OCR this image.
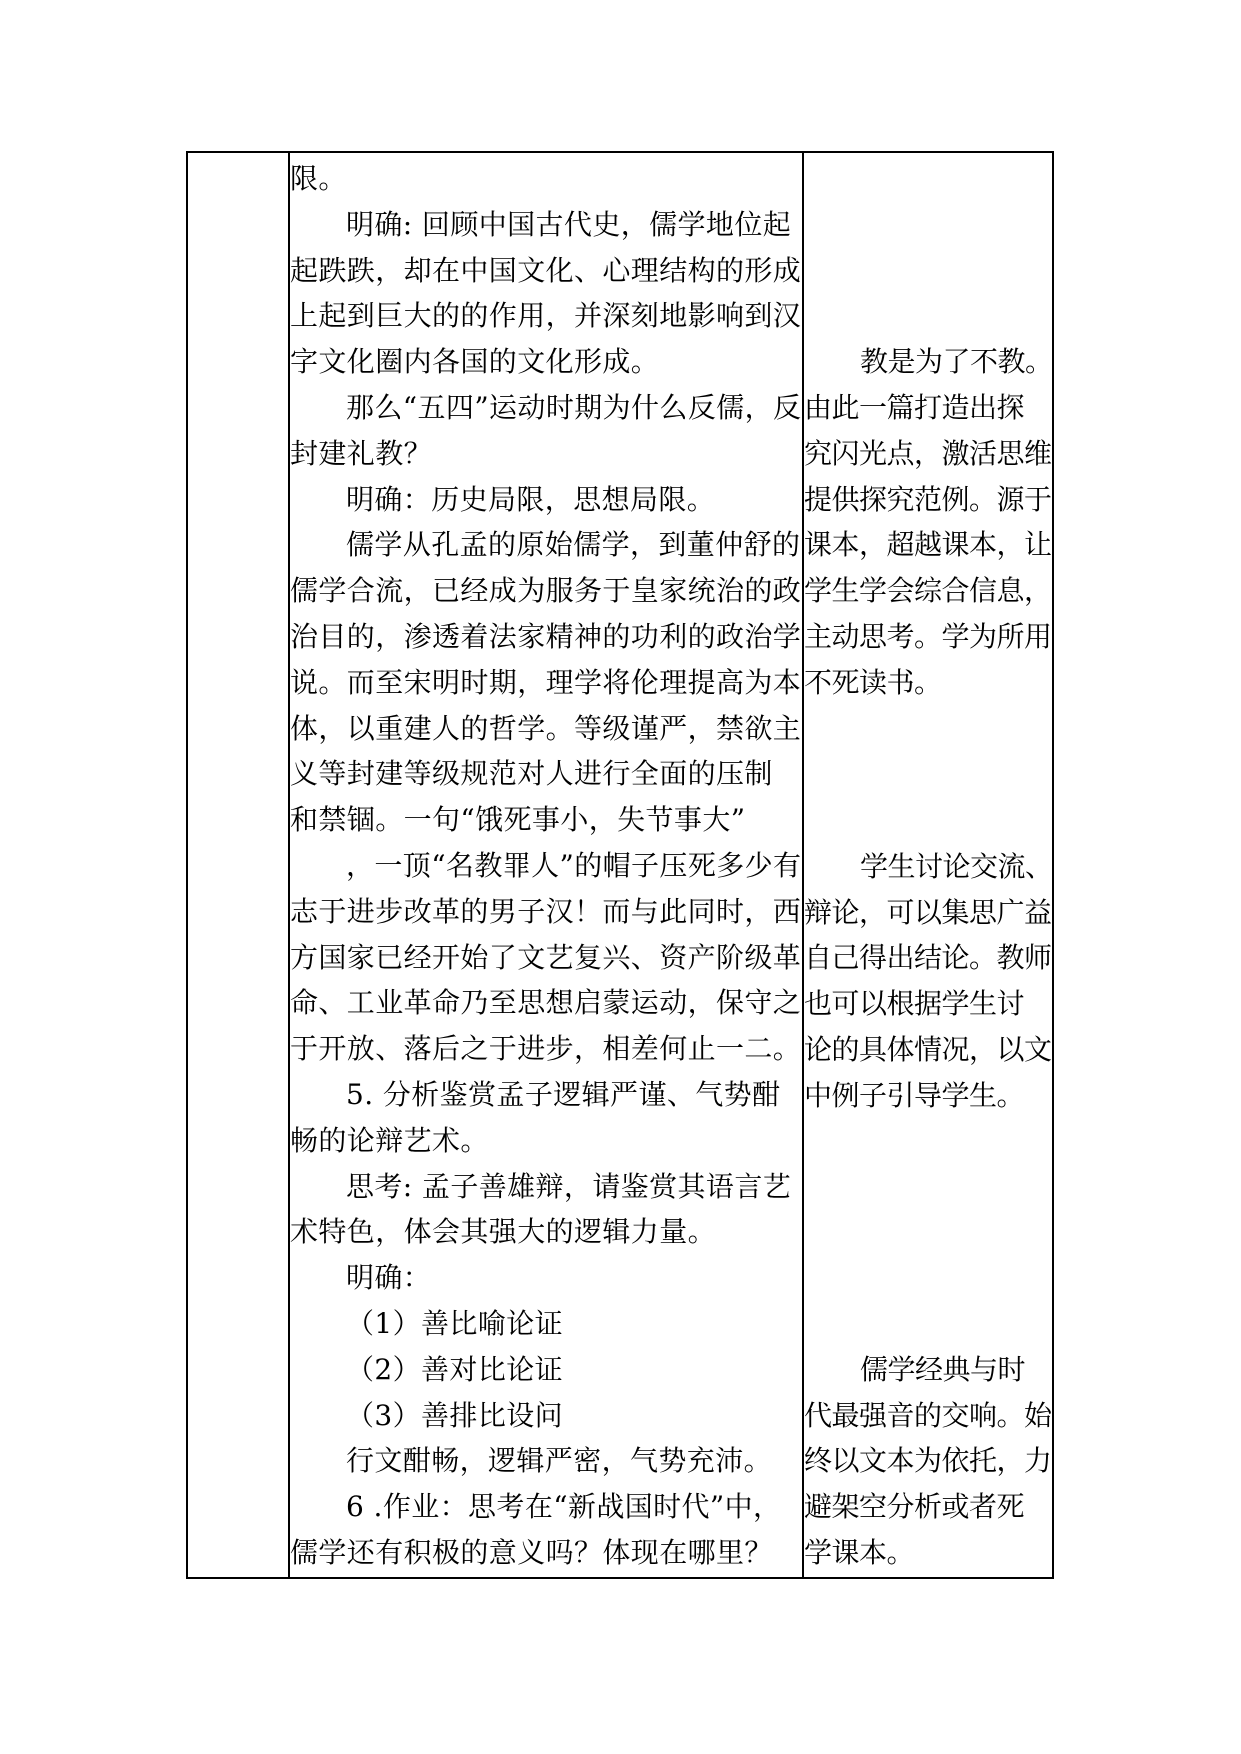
限。
明确: 回顾中国古代史，儒学地位起
起跌跌，却在中国文化、心理结构的形成
上起到巨大的的作用，并深刻地影响到汉
字文化圈内各国的文化形成。
那么“五四”运动时期为什么反儒，反
封建礼教？
明确：历史局限，思想局限。
儒学从孔孟的原始儒学，到董仲舒的
儒学合流，已经成为服务于皇家统治的政
治目的，渗透着法家精神的功利的政治学
说。而至宋明时期，理学将伦理提高为本
体，以重建人的哲学。等级谨严，禁欲主
义等封建等级规范对人进行全面的压制
和禁锢。一句“饿死事小，失节事大”
，一顶“名教罪人”的帽子压死多少有
志于进步改革的男子汉！而与此同时，西
方国家已经开始了文艺复兴、资产阶级革
命、工业革命乃至思想启蒙运动，保守之
于开放、落后之于进步，相差何止一二。
5. 分析鉴赏孟子逻辑严谨、气势酣
畅的论辩艺术。
思考: 孟子善雄辩，请鉴赏其语言艺
术特色，体会其强大的逻辑力量。
明确：
（1）善比喻论证
（2）善对比论证
（3）善排比设问
行文酣畅，逻辑严密，气势充沛。
6 .作业：思考在“新战国时代”中，
儒学还有积极的意义吗？体现在哪里？
教是为了不教。
由此一篇打造出探
究闪光点，激活思维
提供探究范例。源于
课本，超越课本，让
学生学会综合信息，
主动思考。学为所用
不死读书。
学生讨论交流、
辩论，可以集思广益
自己得出结论。教师
也可以根据学生讨
论的具体情况，以文
中例子引导学生。
儒学经典与时
代最强音的交响。始
终以文本为依托，力
避架空分析或者死
学课本。
